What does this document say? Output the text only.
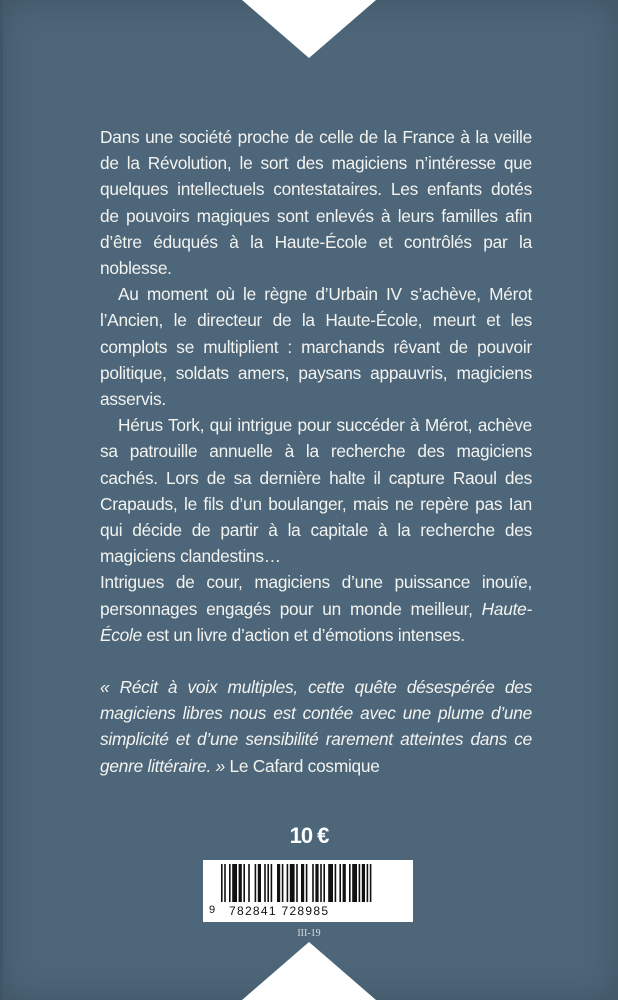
Dans une société proche de celle de la France à la veille de la Révolution, le sort des magiciens n’intéresse que quelques intellectuels contestataires. Les enfants dotés de pouvoirs magiques sont enlevés à leurs familles afin d’être éduqués à la Haute-École et contrôlés par la noblesse.

Au moment où le règne d’Urbain IV s’achève, Mérot l’Ancien, le directeur de la Haute-École, meurt et les complots se multiplient : marchands rêvant de pouvoir politique, soldats amers, paysans appauvris, magiciens asservis.

Hérus Tork, qui intrigue pour succéder à Mérot, achève sa patrouille annuelle à la recherche des magiciens cachés. Lors de sa dernière halte il capture Raoul des Crapauds, le fils d’un boulanger, mais ne repère pas Ian qui décide de partir à la capitale à la recherche des magiciens clandestins…

Intrigues de cour, magiciens d’une puissance inouïe, personnages engagés pour un monde meilleur, Haute-École est un livre d’action et d’émotions intenses.

« Récit à voix multiples, cette quête désespérée des magiciens libres nous est contée avec une plume d’une simplicité et d’une sensibilité rarement atteintes dans ce genre littéraire. » Le Cafard cosmique

10 €
9 782841 728985
III-19
